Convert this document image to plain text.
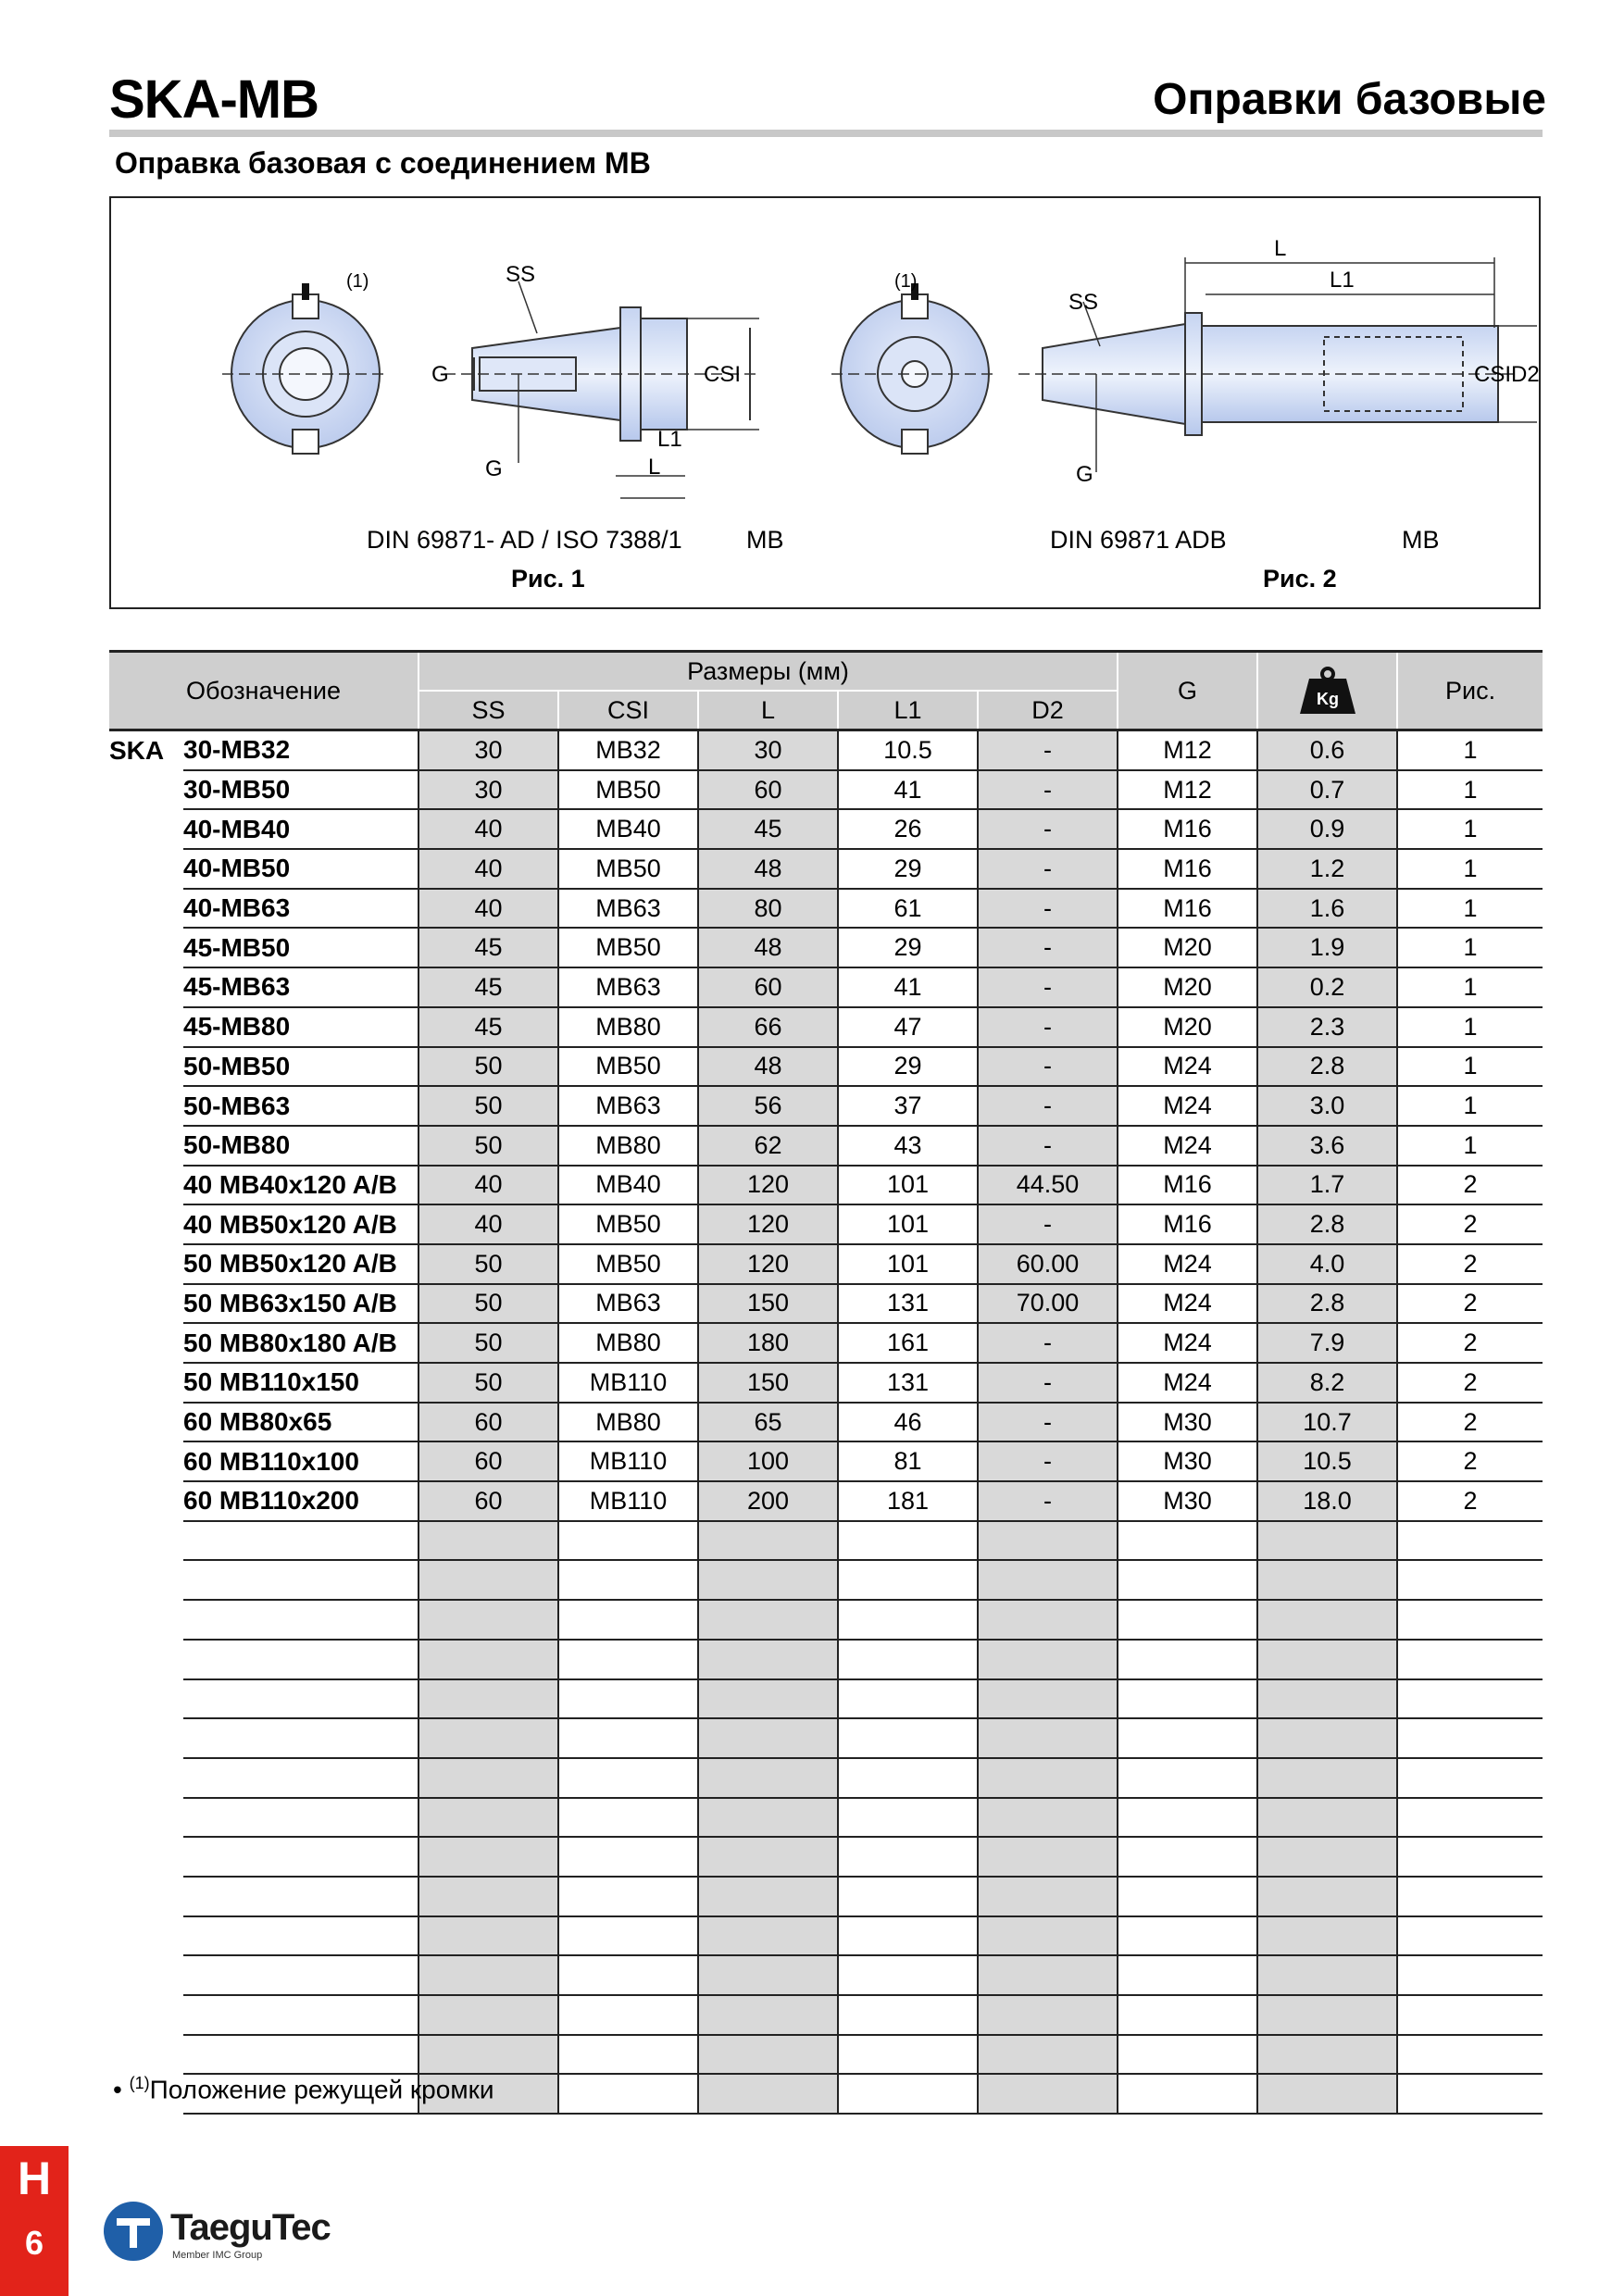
SKA-MB	Оправки базовые
Оправка базовая с соединением MB
(1)	SS
G	CSI
L1
L
G
(1)
SS
CSI D2
L1
L
G
DIN 69871- AD / ISO 7388/1	MB
Рис. 1
DIN 69871 ADB	MB
Рис. 2
Обозначение		Размеры (мм)					G	Kg	Рис.
		SS	CSI	L	L1	D2			
SKA	30-MB32	30	MB32	30	10.5	-	M12	0.6	1
	30-MB50	30	MB50	60	41	-	M12	0.7	1
	40-MB40	40	MB40	45	26	-	M16	0.9	1
	40-MB50	40	MB50	48	29	-	M16	1.2	1
	40-MB63	40	MB63	80	61	-	M16	1.6	1
	45-MB50	45	MB50	48	29	-	M20	1.9	1
	45-MB63	45	MB63	60	41	-	M20	0.2	1
	45-MB80	45	MB80	66	47	-	M20	2.3	1
	50-MB50	50	MB50	48	29	-	M24	2.8	1
	50-MB63	50	MB63	56	37	-	M24	3.0	1
	50-MB80	50	MB80	62	43	-	M24	3.6	1
	40 MB40x120 A/B	40	MB40	120	101	44.50	M16	1.7	2
	40 MB50x120 A/B	40	MB50	120	101	-	M16	2.8	2
	50 MB50x120 A/B	50	MB50	120	101	60.00	M24	4.0	2
	50 MB63x150 A/B	50	MB63	150	131	70.00	M24	2.8	2
	50 MB80x180 A/B	50	MB80	180	161	-	M24	7.9	2
	50 MB110x150	50	MB110	150	131	-	M24	8.2	2
	60 MB80x65	60	MB80	65	46	-	M30	10.7	2
	60 MB110x100	60	MB110	100	81	-	M30	10.5	2
	60 MB110x200	60	MB110	200	181	-	M30	18.0	2

• $^{(1)}$Положение режущей кромки
H
6	TaeguTec
Member IMC Group
